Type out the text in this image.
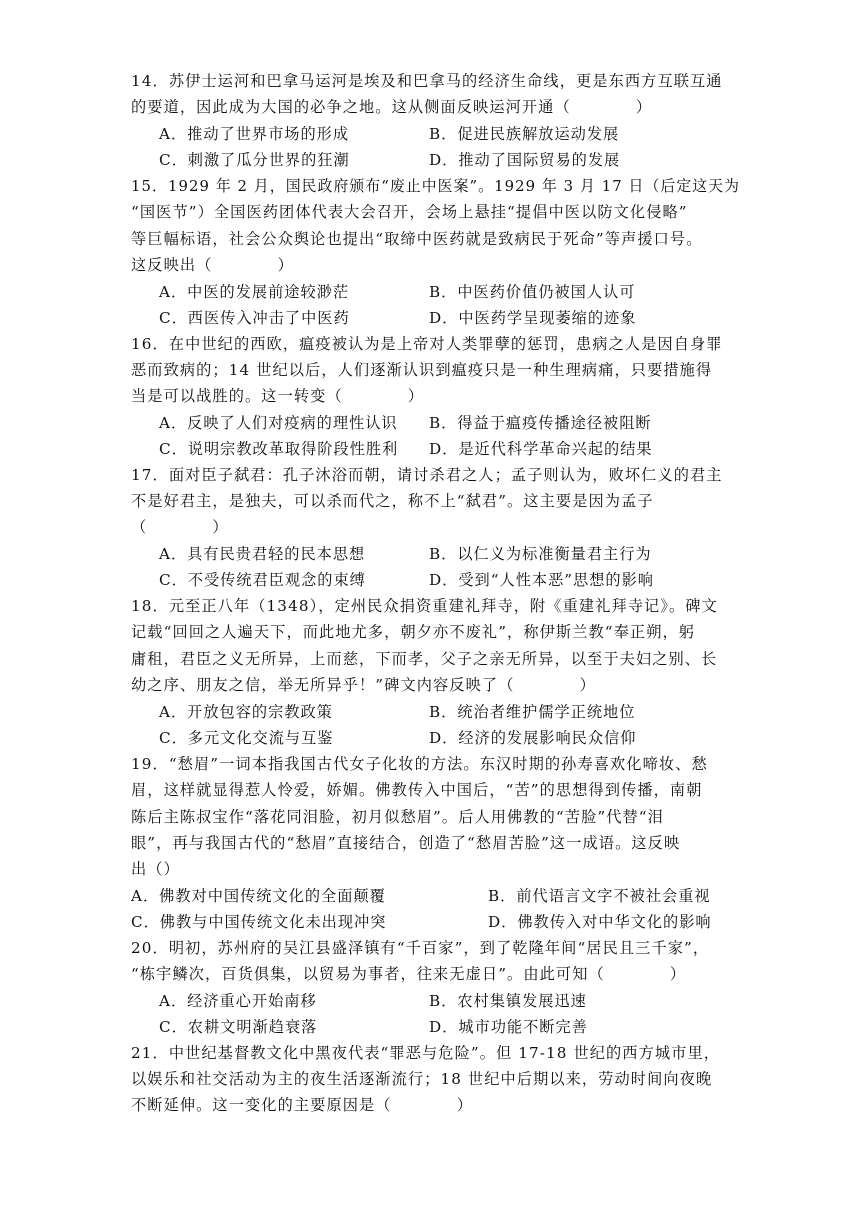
14．苏伊士运河和巴拿马运河是埃及和巴拿马的经济生命线，更是东西方互联互通
的要道，因此成为大国的必争之地。这从侧面反映运河开通（　　　　）
A．推动了世界市场的形成	B．促进民族解放运动发展
C．刺激了瓜分世界的狂潮	D．推动了国际贸易的发展
15．1929 年 2 月，国民政府颁布“废止中医案”。1929 年 3 月 17 日（后定这天为
“国医节”）全国医药团体代表大会召开，会场上悬挂“提倡中医以防文化侵略”
等巨幅标语，社会公众舆论也提出“取缔中医药就是致病民于死命”等声援口号。
这反映出（　　　　）
A．中医的发展前途较渺茫	B．中医药价值仍被国人认可
C．西医传入冲击了中医药	D．中医药学呈现萎缩的迹象
16．在中世纪的西欧，瘟疫被认为是上帝对人类罪孽的惩罚，患病之人是因自身罪
恶而致病的；14 世纪以后，人们逐渐认识到瘟疫只是一种生理病痛，只要措施得
当是可以战胜的。这一转变（　　　　）
A．反映了人们对疫病的理性认识 B．得益于瘟疫传播途径被阻断
C．说明宗教改革取得阶段性胜利 D．是近代科学革命兴起的结果
17．面对臣子弑君：孔子沐浴而朝，请讨杀君之人；孟子则认为，败坏仁义的君主
不是好君主，是独夫，可以杀而代之，称不上“弑君”。这主要是因为孟子
（　　　　）
A．具有民贵君轻的民本思想	B．以仁义为标准衡量君主行为
C．不受传统君臣观念的束缚	D．受到“人性本恶”思想的影响
18．元至正八年（1348），定州民众捐资重建礼拜寺，附《重建礼拜寺记》。碑文
记载“回回之人遍天下，而此地尤多，朝夕亦不废礼”，称伊斯兰教“奉正朔，躬
庸租，君臣之义无所异，上而慈，下而孝，父子之亲无所异，以至于夫妇之别、长
幼之序、朋友之信，举无所异乎！”碑文内容反映了（　　　　）
A．开放包容的宗教政策	B．统治者维护儒学正统地位
C．多元文化交流与互鉴	D．经济的发展影响民众信仰
19．“愁眉”一词本指我国古代女子化妆的方法。东汉时期的孙寿喜欢化啼妆、愁
眉，这样就显得惹人怜爱，娇媚。佛教传入中国后，“苦”的思想得到传播，南朝
陈后主陈叔宝作“落花同泪脸，初月似愁眉”。后人用佛教的“苦脸”代替“泪
眼”，再与我国古代的“愁眉”直接结合，创造了“愁眉苦脸”这一成语。这反映
出（）
A．佛教对中国传统文化的全面颠覆	B．前代语言文字不被社会重视
C．佛教与中国传统文化未出现冲突	D．佛教传入对中华文化的影响
20．明初，苏州府的吴江县盛泽镇有“千百家”，到了乾隆年间“居民且三千家”，
“栋宇鳞次，百货俱集，以贸易为事者，往来无虚日”。由此可知（　　　　）
A．经济重心开始南移	B．农村集镇发展迅速
C．农耕文明渐趋衰落	D．城市功能不断完善
21．中世纪基督教文化中黑夜代表“罪恶与危险”。但 17-18 世纪的西方城市里，
以娱乐和社交活动为主的夜生活逐渐流行；18 世纪中后期以来，劳动时间向夜晚
不断延伸。这一变化的主要原因是（　　　　）
